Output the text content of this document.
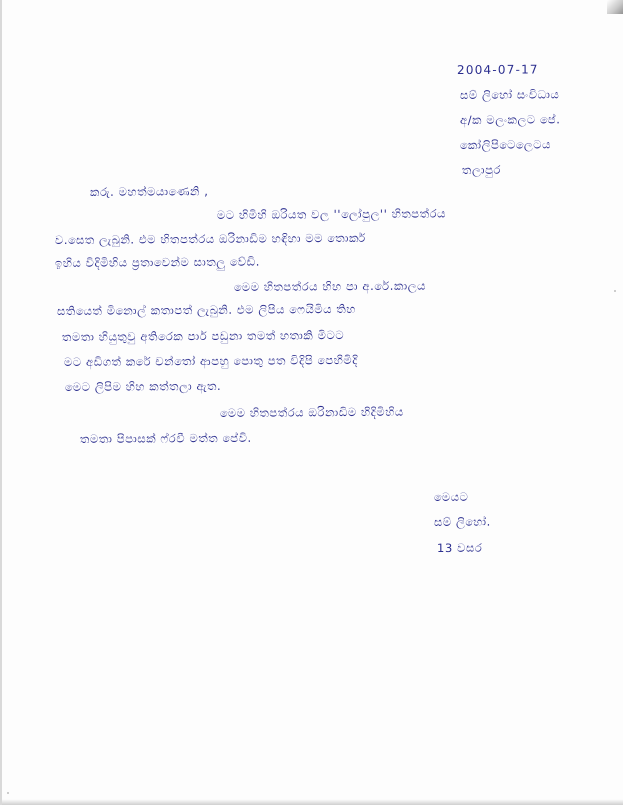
2004-07-17
සම් ලිහෝ සංවිධාය
අ/ක මලංකලට පේ.
කෝලිපිටෙලෙටය
තලාපුර
කරු. මහත්මයාණෙනි ,
මට හිමිහි ඔරියත වල ''ලෝපුල'' හිතපත්රය
ව.සෙත ලැබුනි. එම හිතපත්රය ඔරිනාඩිම හඳිහා මම තොර්ක
ඉහිය විදිමිහිය ප්‍රතාවෙන්ම සාතලු වේඩි.
මෙම හිතපත්රය හිහ පා අ.රේ.කාලය
සතියෙත් මිනොල් කතාපත් ලැබුනි. එම ලිපිය ෆෙයිමිය තිහ
තමතා හියුතුවු අතිරෙක පාර් පඩුනා තමත් හතාකි මිටට
මට අඩිගත් කරේ චන්තෝ ආපහු පොතු පත විදිපි පෙහිමිදි
මෙට ලිපිම හිහ කත්තලා ඇත.
මෙම හිතපත්රය ඔරිනාඩිම හිදිමිහිය
තමතා පිපාසක් ෆ්රවී මත්ත පේවි.
මෙයට
සම් ලිහෝ.
13 වසර
